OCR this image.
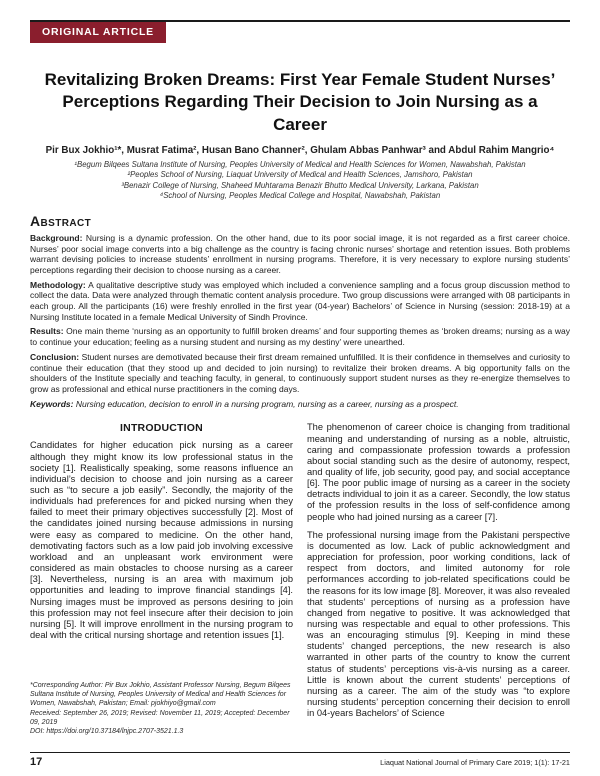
ORIGINAL ARTICLE
Revitalizing Broken Dreams: First Year Female Student Nurses’ Perceptions Regarding Their Decision to Join Nursing as a Career
Pir Bux Jokhio¹*, Musrat Fatima², Husan Bano Channer², Ghulam Abbas Panhwar³ and Abdul Rahim Mangrio⁴
¹Begum Bilqees Sultana Institute of Nursing, Peoples University of Medical and Health Sciences for Women, Nawabshah, Pakistan
²Peoples School of Nursing, Liaquat University of Medical and Health Sciences, Jamshoro, Pakistan
³Benazir College of Nursing, Shaheed Muhtarama Benazir Bhutto Medical University, Larkana, Pakistan
⁴School of Nursing, Peoples Medical College and Hospital, Nawabshah, Pakistan
Abstract

Background: Nursing is a dynamic profession. On the other hand, due to its poor social image, it is not regarded as a first career choice. Nurses’ poor social image converts into a big challenge as the country is facing chronic nurses’ shortage and retention issues. Both problems warrant devising policies to increase students’ enrollment in nursing programs. Therefore, it is very necessary to explore nursing students’ perceptions regarding their decision to choose nursing as a career.

Methodology: A qualitative descriptive study was employed which included a convenience sampling and a focus group discussion method to collect the data. Data were analyzed through thematic content analysis procedure. Two group discussions were arranged with 08 participants in each group. All the participants (16) were freshly enrolled in the first year (04-year) Bachelors’ of Science in Nursing (session: 2018-19) at a Nursing Institute located in a female Medical University of Sindh Province.

Results: One main theme ‘nursing as an opportunity to fulfill broken dreams’ and four supporting themes as ‘broken dreams; nursing as a way to continue your education; feeling as a nursing student and nursing as my destiny’ were unearthed.

Conclusion: Student nurses are demotivated because their first dream remained unfulfilled. It is their confidence in themselves and curiosity to continue their education (that they stood up and decided to join nursing) to revitalize their broken dreams. A big opportunity falls on the shoulders of the Institute specially and teaching faculty, in general, to continuously support student nurses as they re-energize themselves to grow as professional and ethical nurse practitioners in the coming days.

Keywords: Nursing education, decision to enroll in a nursing program, nursing as a career, nursing as a prospect.

INTRODUCTION

Candidates for higher education pick nursing as a career although they might know its low professional status in the society [1]. Realistically speaking, some reasons influence an individual’s decision to choose and join nursing as a career such as “to secure a job easily”. Secondly, the majority of the individuals had preferences for and picked nursing when they failed to meet their primary objectives successfully [2]. Most of the candidates joined nursing because admissions in nursing were easy as compared to medicine. On the other hand, demotivating factors such as a low paid job involving excessive workload and an unpleasant work environment were considered as main obstacles to choose nursing as a career [3]. Nevertheless, nursing is an area with maximum job opportunities and leading to improve financial standings [4]. Nursing images must be improved as persons desiring to join this profession may not feel insecure after their decision to join nursing [5]. It will improve enrollment in the nursing program to deal with the critical nursing shortage and retention issues [1].

*Corresponding Author: Pir Bux Jokhio, Assistant Professor Nursing, Begum Bilqees Sultana Institute of Nursing, Peoples University of Medical and Health Sciences for Women, Nawabshah, Pakistan; Email: pjokhiyo@gmail.com
Received: September 26, 2019; Revised: November 11, 2019; Accepted: December 09, 2019
DOI: https://doi.org/10.37184/lnjpc.2707-3521.1.3

The phenomenon of career choice is changing from traditional meaning and understanding of nursing as a noble, altruistic, caring and compassionate profession towards a profession about social standing such as the desire of autonomy, respect, and quality of life, job security, good pay, and social acceptance [6]. The poor public image of nursing as a career in the society detracts individual to join it as a career. Secondly, the low status of the profession results in the loss of self-confidence among people who had joined nursing as a career [7].

The professional nursing image from the Pakistani perspective is documented as low. Lack of public acknowledgment and appreciation for profession, poor working conditions, lack of respect from doctors, and limited autonomy for role performances according to job-related specifications could be the reasons for its low image [8]. Moreover, it was also revealed that students’ perceptions of nursing as a profession have changed from negative to positive. It was acknowledged that nursing was respectable and equal to other professions. This was an encouraging stimulus [9]. Keeping in mind these students’ changed perceptions, the new research is also warranted in other parts of the country to know the current status of students’ perceptions vis-à-vis nursing as a career. Little is known about the current students’ perceptions of nursing as a career. The aim of the study was “to explore nursing students’ perception concerning their decision to enroll in 04-years Bachelors’ of Science

17	Liaquat National Journal of Primary Care 2019; 1(1): 17-21
